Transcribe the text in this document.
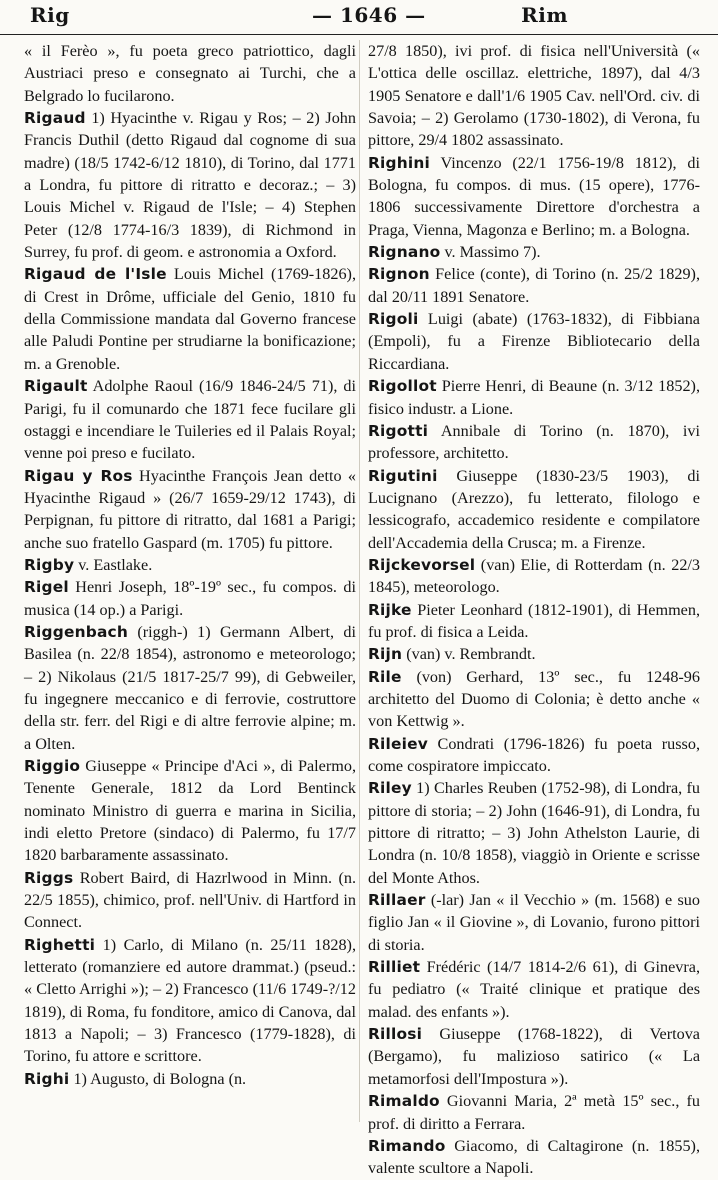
Rig	— 1646 —	Rim

« il Ferèo », fu poeta greco patriottico, dagli Austriaci preso e consegnato ai Turchi, che a Belgrado lo fucilarono.

Rigaud 1) Hyacinthe v. Rigau y Ros; – 2) John Francis Duthil (detto Rigaud dal cognome di sua madre) (18/5 1742-6/12 1810), di Torino, dal 1771 a Londra, fu pittore di ritratto e decoraz.; – 3) Louis Michel v. Rigaud de l'Isle; – 4) Stephen Peter (12/8 1774-16/3 1839), di Richmond in Surrey, fu prof. di geom. e astronomia a Oxford.

Rigaud de l'Isle Louis Michel (1769-1826), di Crest in Drôme, ufficiale del Genio, 1810 fu della Commissione mandata dal Governo francese alle Paludi Pontine per strudiarne la bonificazione; m. a Grenoble.

Rigault Adolphe Raoul (16/9 1846-24/5 71), di Parigi, fu il comunardo che 1871 fece fucilare gli ostaggi e incendiare le Tuileries ed il Palais Royal; venne poi preso e fucilato.

Rigau y Ros Hyacinthe François Jean detto « Hyacinthe Rigaud » (26/7 1659-29/12 1743), di Perpignan, fu pittore di ritratto, dal 1681 a Parigi; anche suo fratello Gaspard (m. 1705) fu pittore.

Rigby v. Eastlake.

Rigel Henri Joseph, 18º-19º sec., fu compos. di musica (14 op.) a Parigi.

Riggenbach (riggh-) 1) Germann Albert, di Basilea (n. 22/8 1854), astronomo e meteorologo; – 2) Nikolaus (21/5 1817-25/7 99), di Gebweiler, fu ingegnere meccanico e di ferrovie, costruttore della str. ferr. del Rigi e di altre ferrovie alpine; m. a Olten.

Riggio Giuseppe « Principe d'Aci », di Palermo, Tenente Generale, 1812 da Lord Bentinck nominato Ministro di guerra e marina in Sicilia, indi eletto Pretore (sindaco) di Palermo, fu 17/7 1820 barbaramente assassinato.

Riggs Robert Baird, di Hazrlwood in Minn. (n. 22/5 1855), chimico, prof. nell'Univ. di Hartford in Connect.

Righetti 1) Carlo, di Milano (n. 25/11 1828), letterato (romanziere ed autore drammat.) (pseud.: « Cletto Arrighi »); – 2) Francesco (11/6 1749-?/12 1819), di Roma, fu fonditore, amico di Canova, dal 1813 a Napoli; – 3) Francesco (1779-1828), di Torino, fu attore e scrittore.

Righi 1) Augusto, di Bologna (n.

27/8 1850), ivi prof. di fisica nell'Università (« L'ottica delle oscillaz. elettriche, 1897), dal 4/3 1905 Senatore e dall'1/6 1905 Cav. nell'Ord. civ. di Savoia; – 2) Gerolamo (1730-1802), di Verona, fu pittore, 29/4 1802 assassinato.

Righini Vincenzo (22/1 1756-19/8 1812), di Bologna, fu compos. di mus. (15 opere), 1776-1806 successivamente Direttore d'orchestra a Praga, Vienna, Magonza e Berlino; m. a Bologna.

Rignano v. Massimo 7).

Rignon Felice (conte), di Torino (n. 25/2 1829), dal 20/11 1891 Senatore.

Rigoli Luigi (abate) (1763-1832), di Fibbiana (Empoli), fu a Firenze Bibliotecario della Riccardiana.

Rigollot Pierre Henri, di Beaune (n. 3/12 1852), fisico industr. a Lione.

Rigotti Annibale di Torino (n. 1870), ivi professore, architetto.

Rigutini Giuseppe (1830-23/5 1903), di Lucignano (Arezzo), fu letterato, filologo e lessicografo, accademico residente e compilatore dell'Accademia della Crusca; m. a Firenze.

Rijckevorsel (van) Elie, di Rotterdam (n. 22/3 1845), meteorologo.

Rijke Pieter Leonhard (1812-1901), di Hemmen, fu prof. di fisica a Leida.

Rijn (van) v. Rembrandt.

Rile (von) Gerhard, 13º sec., fu 1248-96 architetto del Duomo di Colonia; è detto anche « von Kettwig ».

Rileiev Condrati (1796-1826) fu poeta russo, come cospiratore impiccato.

Riley 1) Charles Reuben (1752-98), di Londra, fu pittore di storia; – 2) John (1646-91), di Londra, fu pittore di ritratto; – 3) John Athelston Laurie, di Londra (n. 10/8 1858), viaggiò in Oriente e scrisse del Monte Athos.

Rillaer (-lar) Jan « il Vecchio » (m. 1568) e suo figlio Jan « il Giovine », di Lovanio, furono pittori di storia.

Rilliet Frédéric (14/7 1814-2/6 61), di Ginevra, fu pediatro (« Traité clinique et pratique des malad. des enfants »).

Rillosi Giuseppe (1768-1822), di Vertova (Bergamo), fu malizioso satirico (« La metamorfosi dell'Impostura »).

Rimaldo Giovanni Maria, 2ª metà 15º sec., fu prof. di diritto a Ferrara.

Rimando Giacomo, di Caltagirone (n. 1855), valente scultore a Napoli.
